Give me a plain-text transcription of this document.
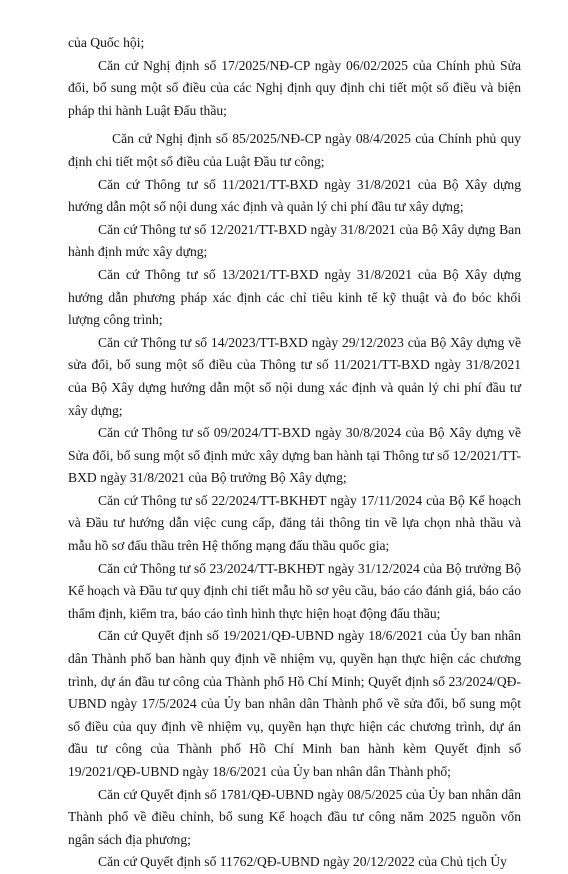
của Quốc hội;

Căn cứ Nghị định số 17/2025/NĐ-CP ngày 06/02/2025 của Chính phủ Sửa đổi, bổ sung một số điều của các Nghị định quy định chi tiết một số điều và biện pháp thi hành Luật Đấu thầu;

Căn cứ Nghị định số 85/2025/NĐ-CP ngày 08/4/2025 của Chính phủ quy định chi tiết một số điều của Luật Đầu tư công;

Căn cứ Thông tư số 11/2021/TT-BXD ngày 31/8/2021 của Bộ Xây dựng hướng dẫn một số nội dung xác định và quản lý chi phí đầu tư xây dựng;

Căn cứ Thông tư số 12/2021/TT-BXD ngày 31/8/2021 của Bộ Xây dựng Ban hành định mức xây dựng;

Căn cứ Thông tư số 13/2021/TT-BXD ngày 31/8/2021 của Bộ Xây dựng hướng dẫn phương pháp xác định các chỉ tiêu kinh tế kỹ thuật và đo bóc khối lượng công trình;

Căn cứ Thông tư số 14/2023/TT-BXD ngày 29/12/2023 của Bộ Xây dựng về sửa đổi, bổ sung một số điều của Thông tư số 11/2021/TT-BXD ngày 31/8/2021 của Bộ Xây dựng hướng dẫn một số nội dung xác định và quản lý chi phí đầu tư xây dựng;

Căn cứ Thông tư số 09/2024/TT-BXD ngày 30/8/2024 của Bộ Xây dựng về Sửa đổi, bổ sung một số định mức xây dựng ban hành tại Thông tư số 12/2021/TT-BXD ngày 31/8/2021 của Bộ trưởng Bộ Xây dựng;

Căn cứ Thông tư số 22/2024/TT-BKHĐT ngày 17/11/2024 của Bộ Kế hoạch và Đầu tư hướng dẫn việc cung cấp, đăng tải thông tin về lựa chọn nhà thầu và mẫu hồ sơ đấu thầu trên Hệ thống mạng đấu thầu quốc gia;

Căn cứ Thông tư số 23/2024/TT-BKHĐT ngày 31/12/2024 của Bộ trưởng Bộ Kế hoạch và Đầu tư quy định chi tiết mẫu hồ sơ yêu cầu, báo cáo đánh giá, báo cáo thẩm định, kiểm tra, báo cáo tình hình thực hiện hoạt động đấu thầu;

Căn cứ Quyết định số 19/2021/QĐ-UBND ngày 18/6/2021 của Ủy ban nhân dân Thành phố ban hành quy định về nhiệm vụ, quyền hạn thực hiện các chương trình, dự án đầu tư công của Thành phố Hồ Chí Minh; Quyết định số 23/2024/QĐ-UBND ngày 17/5/2024 của Ủy ban nhân dân Thành phố về sửa đổi, bổ sung một số điều của quy định về nhiệm vụ, quyền hạn thực hiện các chương trình, dự án đầu tư công của Thành phố Hồ Chí Minh ban hành kèm Quyết định số 19/2021/QĐ-UBND ngày 18/6/2021 của Ủy ban nhân dân Thành phố;

Căn cứ Quyết định số 1781/QĐ-UBND ngày 08/5/2025 của Ủy ban nhân dân Thành phố về điều chỉnh, bổ sung Kế hoạch đầu tư công năm 2025 nguồn vốn ngân sách địa phương;

Căn cứ Quyết định số 11762/QĐ-UBND ngày 20/12/2022 của Chủ tịch Ủy
